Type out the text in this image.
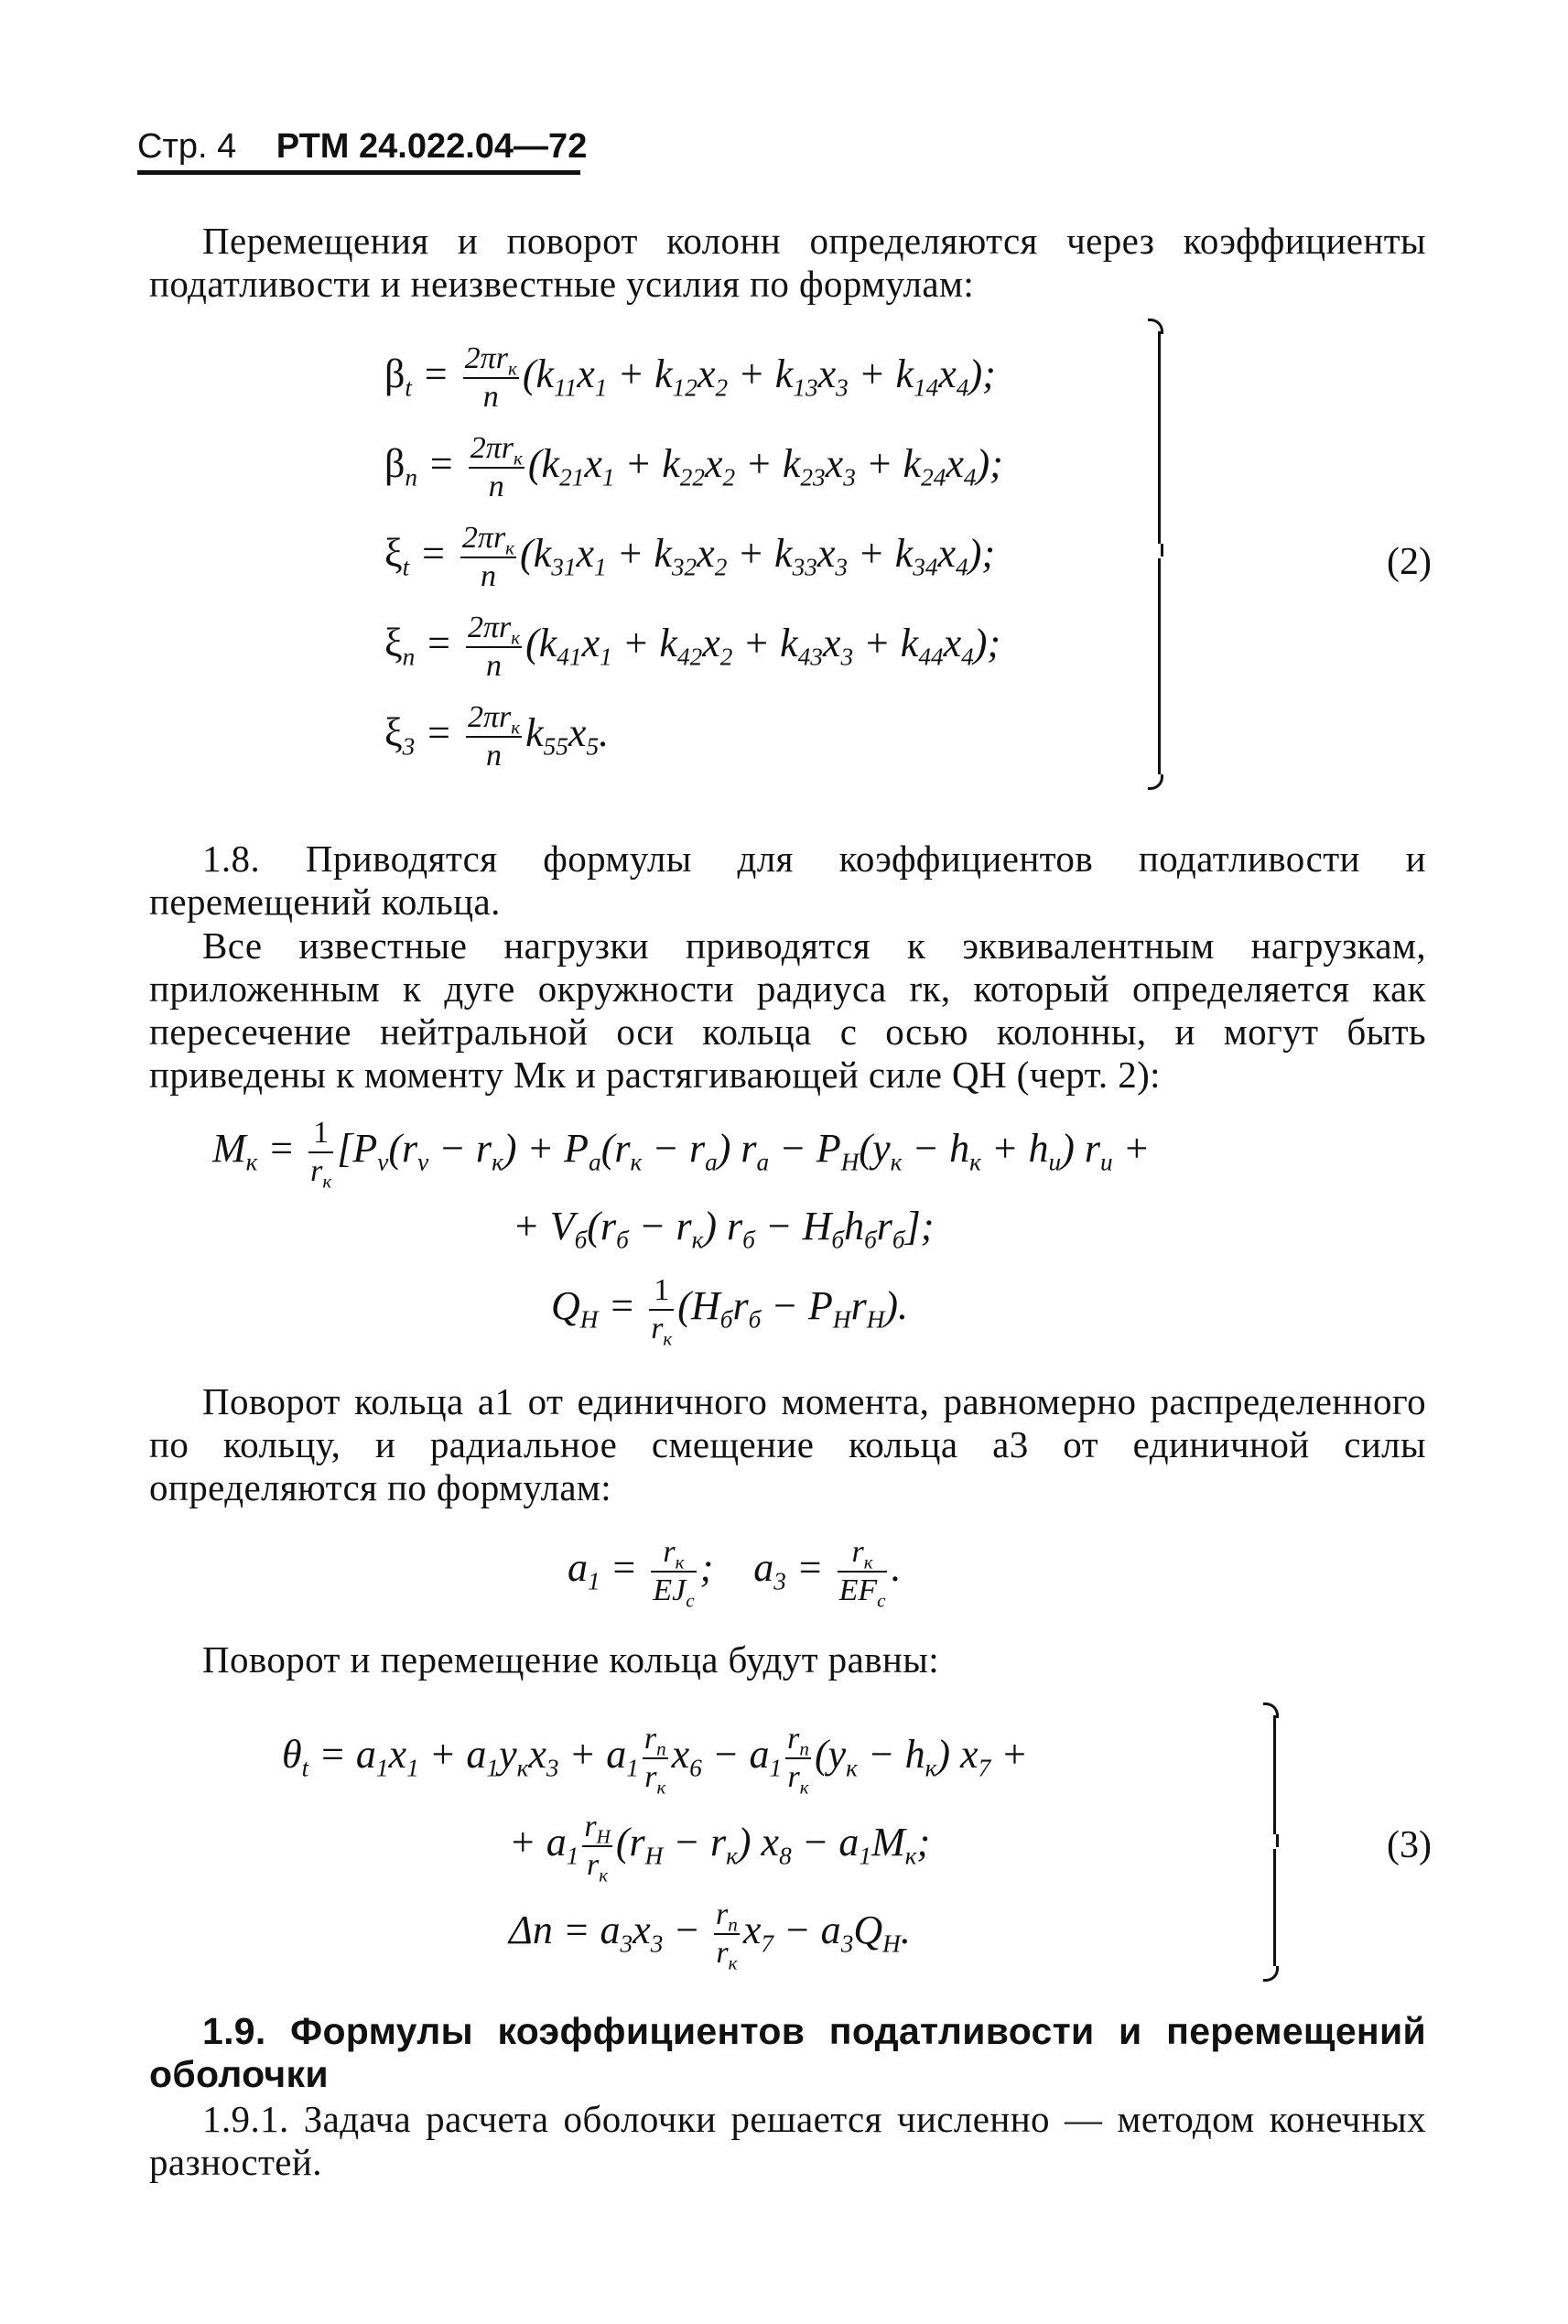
Стр. 4 РТМ 24.022.04—72
Перемещения и поворот колонн определяются через коэффициенты податливости и неизвестные усилия по формулам:
$\beta_t = \frac{2\pi r_к}{n} (k_{11}x_1 + k_{12}x_2 + k_{13}x_3 + k_{14}x_4)$;
$\beta_n = \frac{2\pi r_к}{n} (k_{21}x_1 + k_{22}x_2 + k_{23}x_3 + k_{24}x_4)$;
$\xi_t = \frac{2\pi r_к}{n} (k_{31}x_1 + k_{32}x_2 + k_{33}x_3 + k_{34}x_4)$;
$\xi_n = \frac{2\pi r_к}{n} (k_{41}x_1 + k_{42}x_2 + k_{43}x_3 + k_{44}x_4)$;
$\xi_3 = \frac{2\pi r_к}{n} k_{55}x_5$.
(2)
1.8. Приводятся формулы для коэффициентов податливости и перемещений кольца.
Все известные нагрузки приводятся к эквивалентным нагрузкам, приложенным к дуге окружности радиуса rк, который определяется как пересечение нейтральной оси кольца с осью колонны, и могут быть приведены к моменту Mк и растягивающей силе QH (черт. 2):
$M_к = \frac{1}{r_к} [P_v(r_v - r_к) + P_a(r_к - r_a) r_a - P_H(y_к - h_к + h_u) r_u$ +
+ $V_б(r_б - r_к) r_б - H_бh_бr_б$];
$Q_H = \frac{1}{r_к} (H_бr_б - P_Hr_H)$.
Поворот кольца a1 от единичного момента, равномерно распределенного по кольцу, и радиальное смещение кольца a3 от единичной силы определяются по формулам:
$a_1 = \frac{r_к}{EJ_c}$ ;    $a_3 = \frac{r_к}{EF_c}$ .
Поворот и перемещение кольца будут равны:
$\theta_t = a_1x_1 + a_1y_кx_3 + a_1 \frac{r_n}{r_к} x_6 - a_1 \frac{r_n}{r_к} (y_к - h_к) x_7$ +
+ $a_1 \frac{r_H}{r_к} (r_H - r_к) x_8 - a_1M_к$;
$\Delta n = a_3x_3 - \frac{r_n}{r_к} x_7 - a_3Q_H$.
(3)
1.9. Формулы коэффициентов податливости и перемещений оболочки
1.9.1. Задача расчета оболочки решается численно — методом конечных разностей.
